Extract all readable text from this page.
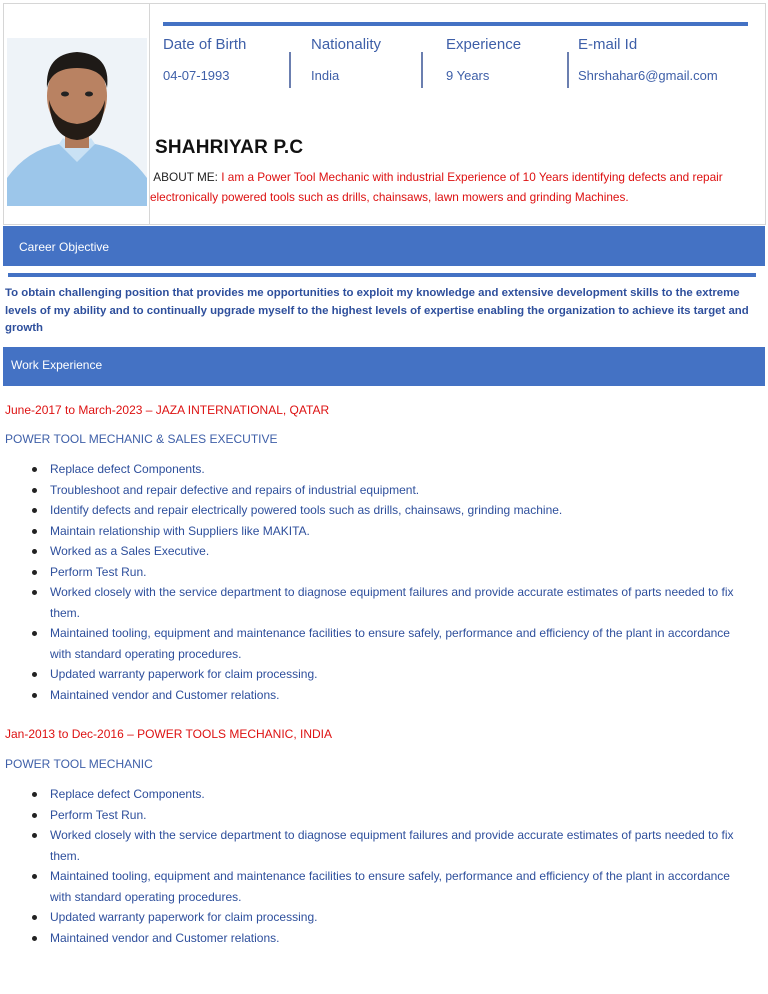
Date of Birth
04-07-1993
Nationality
India
Experience
9 Years
E-mail Id
Shrshahar6@gmail.com
SHAHRIYAR P.C
ABOUT ME: I am a Power Tool Mechanic with industrial Experience of 10 Years identifying defects and repair electronically powered tools such as drills, chainsaws, lawn mowers and grinding Machines.
Career Objective
To obtain challenging position that provides me opportunities to exploit my knowledge and extensive development skills to the extreme levels of my ability and to continually upgrade myself to the highest levels of expertise enabling the organization to achieve its target and growth
Work Experience
June-2017 to March-2023 – JAZA INTERNATIONAL, QATAR
POWER TOOL MECHANIC & SALES EXECUTIVE
Replace defect Components.
Troubleshoot and repair defective and repairs of industrial equipment.
Identify defects and repair electrically powered tools such as drills, chainsaws, grinding machine.
Maintain relationship with Suppliers like MAKITA.
Worked as a Sales Executive.
Perform Test Run.
Worked closely with the service department to diagnose equipment failures and provide accurate estimates of parts needed to fix them.
Maintained tooling, equipment and maintenance facilities to ensure safely, performance and efficiency of the plant in accordance with standard operating procedures.
Updated warranty paperwork for claim processing.
Maintained vendor and Customer relations.
Jan-2013 to Dec-2016 – POWER TOOLS MECHANIC, INDIA
POWER TOOL MECHANIC
Replace defect Components.
Perform Test Run.
Worked closely with the service department to diagnose equipment failures and provide accurate estimates of parts needed to fix them.
Maintained tooling, equipment and maintenance facilities to ensure safely, performance and efficiency of the plant in accordance with standard operating procedures.
Updated warranty paperwork for claim processing.
Maintained vendor and Customer relations.
